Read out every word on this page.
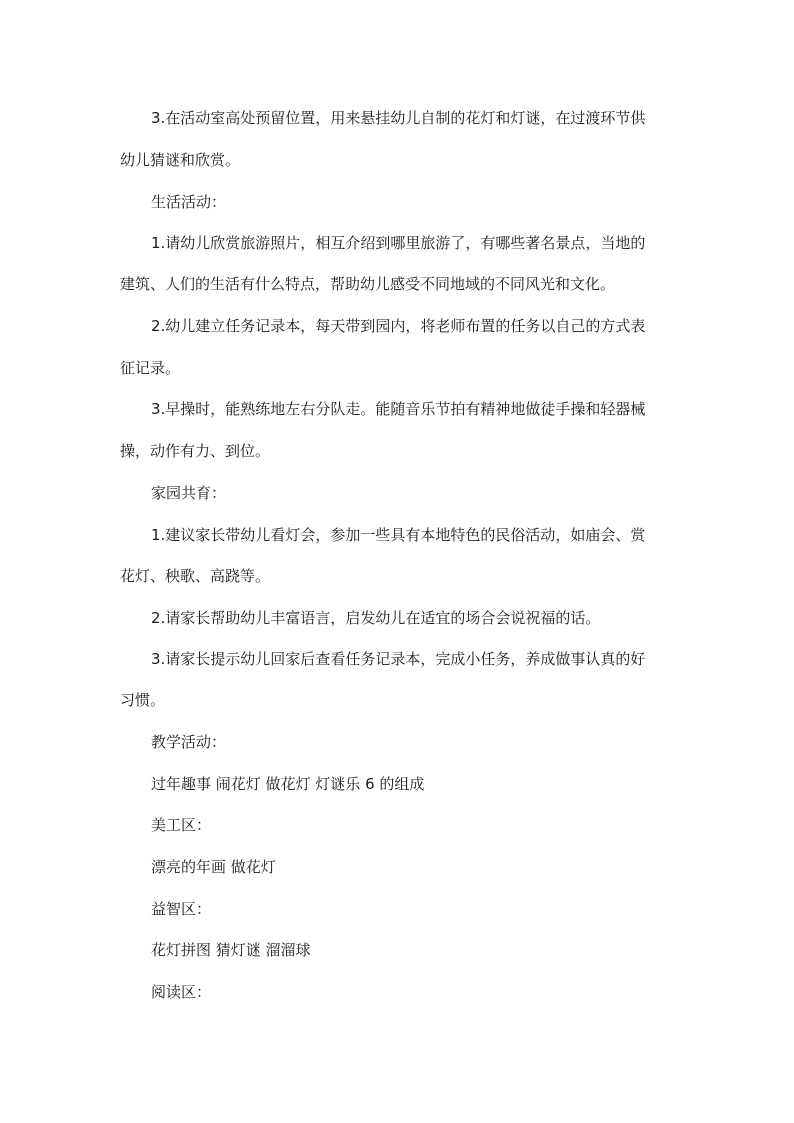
3.在活动室高处预留位置，用来悬挂幼儿自制的花灯和灯谜，在过渡环节供
幼儿猜谜和欣赏。
生活活动：
1.请幼儿欣赏旅游照片，相互介绍到哪里旅游了，有哪些著名景点，当地的
建筑、人们的生活有什么特点，帮助幼儿感受不同地域的不同风光和文化。
2.幼儿建立任务记录本，每天带到园内，将老师布置的任务以自己的方式表
征记录。
3.早操时，能熟练地左右分队走。能随音乐节拍有精神地做徒手操和轻器械
操，动作有力、到位。
家园共育：
1.建议家长带幼儿看灯会，参加一些具有本地特色的民俗活动，如庙会、赏
花灯、秧歌、高跷等。
2.请家长帮助幼儿丰富语言，启发幼儿在适宜的场合会说祝福的话。
3.请家长提示幼儿回家后查看任务记录本，完成小任务，养成做事认真的好
习惯。
教学活动：
过年趣事 闹花灯 做花灯 灯谜乐 6 的组成
美工区：
漂亮的年画 做花灯
益智区：
花灯拼图 猜灯谜 溜溜球
阅读区：
